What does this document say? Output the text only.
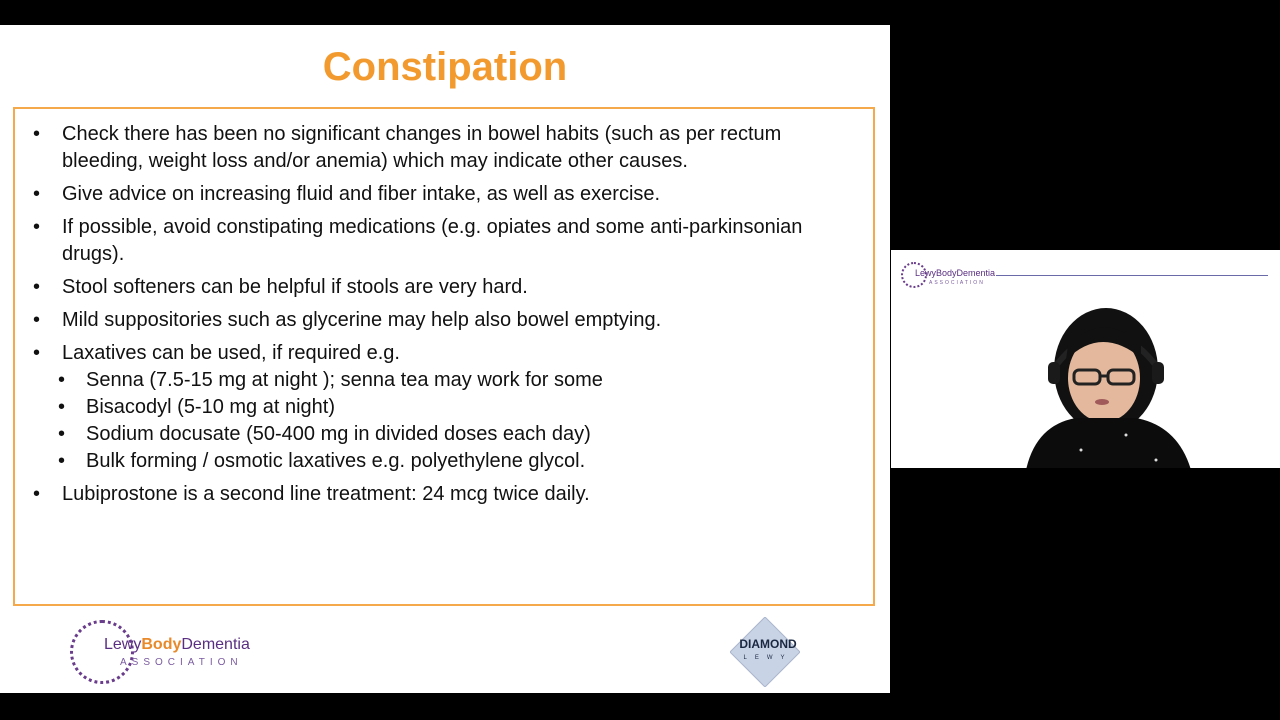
Constipation
• Check there has been no significant changes in bowel habits (such as per rectum bleeding, weight loss and/or anemia) which may indicate other causes.
• Give advice on increasing fluid and fiber intake, as well as exercise.
• If possible, avoid constipating medications (e.g. opiates and some anti-parkinsonian drugs).
• Stool softeners can be helpful if stools are very hard.
• Mild suppositories such as glycerine may help also bowel emptying.
• Laxatives can be used, if required e.g.
• Senna (7.5-15 mg at night ); senna tea may work for some
• Bisacodyl (5-10 mg at night)
• Sodium docusate (50-400 mg in divided doses each day)
• Bulk forming / osmotic laxatives e.g. polyethylene glycol.
• Lubiprostone is a second line treatment: 24 mcg twice daily.
LewyBodyDementia
ASSOCIATION
DIAMOND
LEWY
LewyBodyDementia
ASSOCIATION
